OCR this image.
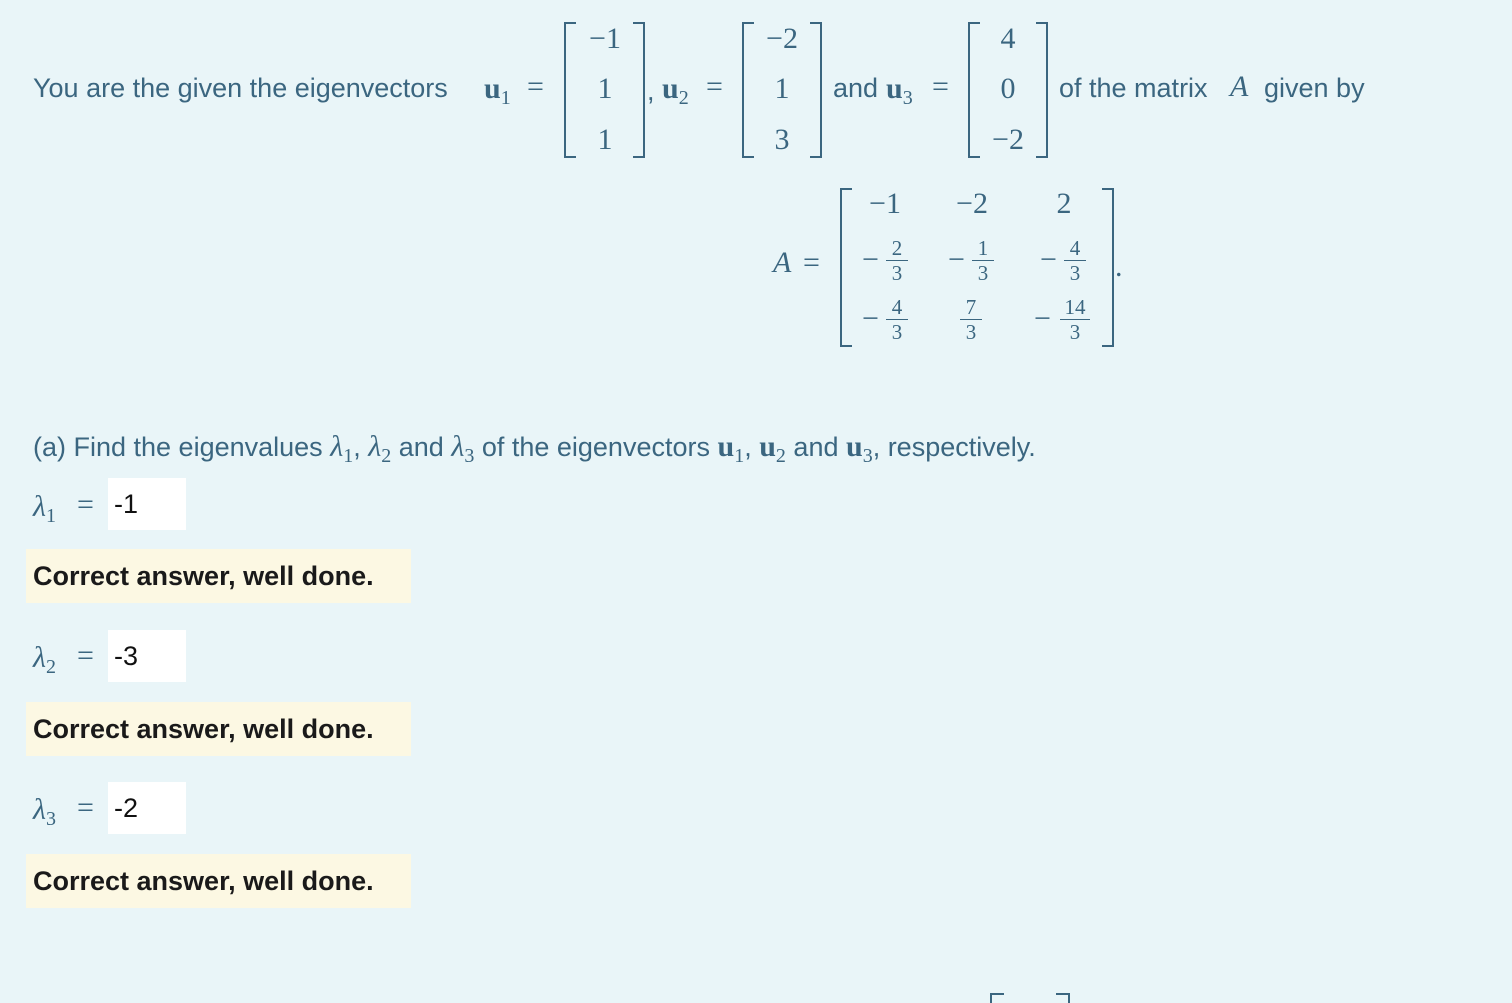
You are the given the eigenvectors $u_1$ =
−1
1
1
, $u_2$ =
−2
1
3
and $u_3$ =
4
0
−2
of the matrix A given by
A =
−1	−2	2
− 2
3 − 1
3 − 4
3
− 4
3
7
3 − 14
3
.
(a) Find the eigenvalues $\lambda_1$, $\lambda_2$ and $\lambda_3$ of the eigenvectors $u_1$, $u_2$ and $u_3$, respectively.
$\lambda_1 = -1$
Correct answer, well done.
$\lambda_2 = -3$
Correct answer, well done.
$\lambda_3 = -2$
Correct answer, well done.
